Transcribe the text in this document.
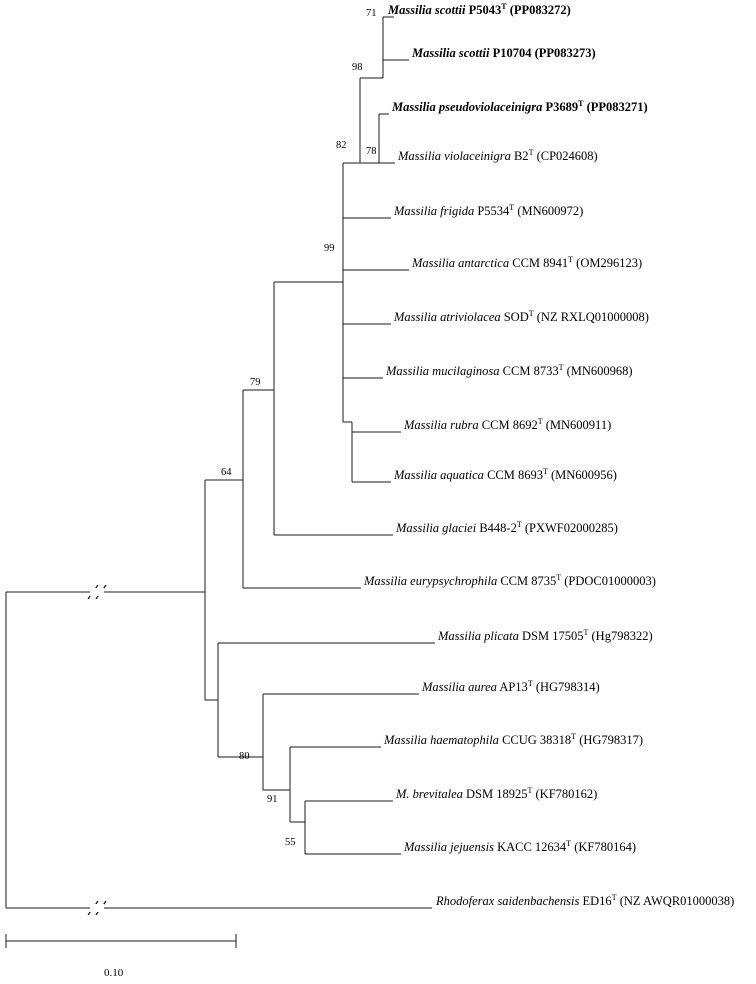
71
98
78
82
99
79
64
80
91
55
Massilia scottii $P5043^T$ (PP083272)
Massilia scottii P10704 (PP083273)
Massilia pseudoviolaceinigra $P3689^T$ (PP083271)
Massilia violaceinigra $B2^T$ (CP024608)
Massilia frigida $P5534^T$ (MN600972)
Massilia antarctica CCM $8941^T$ (OM296123)
Massilia atriviolacea $SOD^T$ (NZ RXLQ01000008)
Massilia mucilaginosa CCM $8733^T$ (MN600968)
Massilia rubra CCM $8692^T$ (MN600911)
Massilia aquatica CCM $8693^T$ (MN600956)
Massilia glaciei $B448-2^T$ (PXWF02000285)
Massilia eurypsychrophila CCM $8735^T$ (PDOC01000003)
Massilia plicata DSM $17505^T$ (Hg798322)
Massilia aurea $AP13^T$ (HG798314)
Massilia haematophila CCUG $38318^T$ (HG798317)
M. brevitalea DSM $18925^T$ (KF780162)
Massilia jejuensis KACC $12634^T$ (KF780164)
Rhodoferax saidenbachensis $ED16^T$ (NZ AWQR01000038)
0.10
